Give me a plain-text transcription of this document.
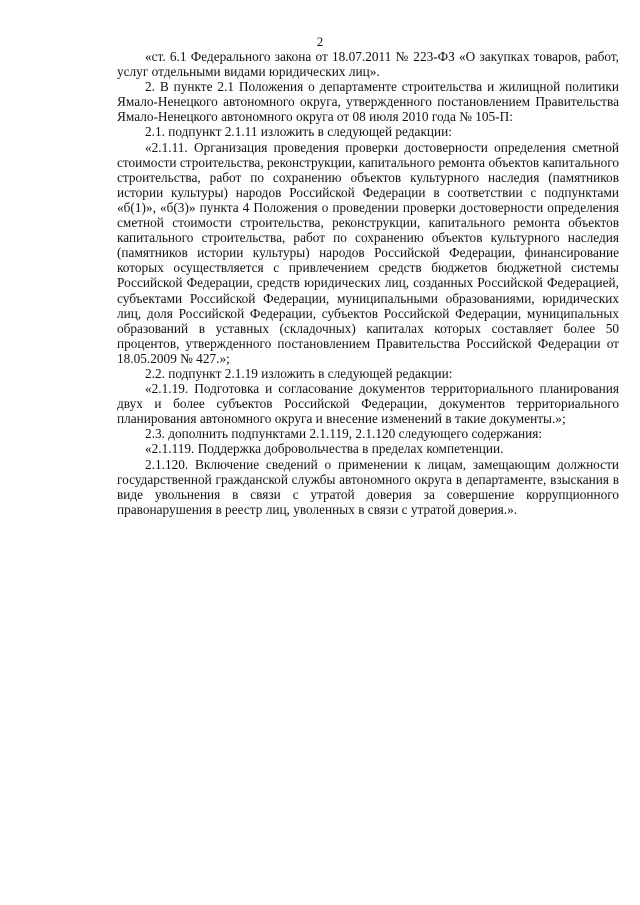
2

«ст. 6.1 Федерального закона от 18.07.2011 № 223-ФЗ «О закупках товаров, работ, услуг отдельными видами юридических лиц».

2. В пункте 2.1 Положения о департаменте строительства и жилищной политики Ямало-Ненецкого автономного округа, утвержденного постановлением Правительства Ямало-Ненецкого автономного округа от 08 июля 2010 года № 105-П:

2.1. подпункт 2.1.11 изложить в следующей редакции:

«2.1.11. Организация проведения проверки достоверности определения сметной стоимости строительства, реконструкции, капитального ремонта объектов капитального строительства, работ по сохранению объектов культурного наследия (памятников истории культуры) народов Российской Федерации в соответствии с подпунктами «б(1)», «б(3)» пункта 4 Положения о проведении проверки достоверности определения сметной стоимости строительства, реконструкции, капитального ремонта объектов капитального строительства, работ по сохранению объектов культурного наследия (памятников истории культуры) народов Российской Федерации, финансирование которых осуществляется с привлечением средств бюджетов бюджетной системы Российской Федерации, средств юридических лиц, созданных Российской Федерацией, субъектами Российской Федерации, муниципальными образованиями, юридических лиц, доля Российской Федерации, субъектов Российской Федерации, муниципальных образований в уставных (складочных) капиталах которых составляет более 50 процентов, утвержденного постановлением Правительства Российской Федерации от 18.05.2009 № 427.»;

2.2. подпункт 2.1.19 изложить в следующей редакции:

«2.1.19. Подготовка и согласование документов территориального планирования двух и более субъектов Российской Федерации, документов территориального планирования автономного округа и внесение изменений в такие документы.»;

2.3. дополнить подпунктами 2.1.119, 2.1.120 следующего содержания:

«2.1.119. Поддержка добровольчества в пределах компетенции.

2.1.120. Включение сведений о применении к лицам, замещающим должности государственной гражданской службы автономного округа в департаменте, взыскания в виде увольнения в связи с утратой доверия за совершение коррупционного правонарушения в реестр лиц, уволенных в связи с утратой доверия.».
